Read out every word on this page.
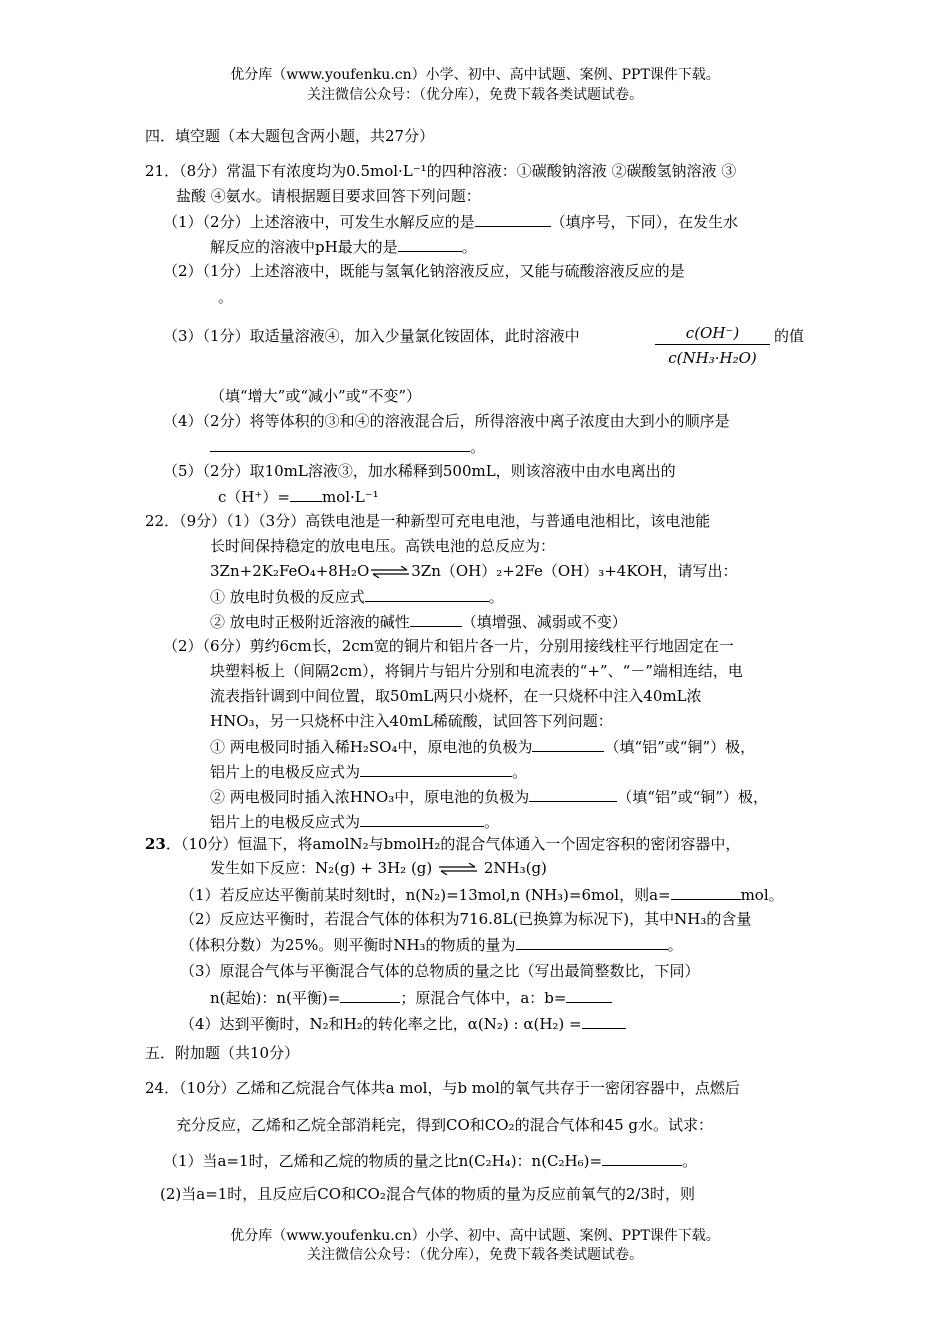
优分库（www.youfenku.cn）小学、初中、高中试题、案例、PPT课件下载。
关注微信公众号：（优分库），免费下载各类试题试卷。
四．填空题（本大题包含两小题，共27分）
21．（8分）常温下有浓度均为0.5mol·L⁻¹的四种溶液：①碳酸钠溶液 ②碳酸氢钠溶液 ③
盐酸 ④氨水。请根据题目要求回答下列问题：
（1）（2分）上述溶液中，可发生水解反应的是	（填序号，下同），在发生水
解反应的溶液中pH最大的是	。
（2）（1分）上述溶液中，既能与氢氧化钠溶液反应，又能与硫酸溶液反应的是
。
（3）（1分）取适量溶液④，加入少量氯化铵固体，此时溶液中	$\frac{c(OH^-)}{\text{c(NH₃·H₂O)}}$ 的值
（填“增大”或“减小”或“不变”）
（4）（2分）将等体积的③和④的溶液混合后，所得溶液中离子浓度由大到小的顺序是
。
（5）（2分）取10mL溶液③，加水稀释到500mL，则该溶液中由水电离出的
c（H⁺）= mol·L⁻¹
22．（9分）（1）（3分）高铁电池是一种新型可充电电池，与普通电池相比，该电池能
长时间保持稳定的放电电压。高铁电池的总反应为：
3Zn+2K₂FeO₄+8H₂O⇌3Zn（OH）₂+2Fe（OH）₃+4KOH，请写出：
① 放电时负极的反应式	。
② 放电时正极附近溶液的碱性	（填增强、减弱或不变）
（2）（6分）剪约6cm长，2cm宽的铜片和铝片各一片，分别用接线柱平行地固定在一
块塑料板上（间隔2cm），将铜片与铝片分别和电流表的“+”、“－”端相连结，电
流表指针调到中间位置，取50mL两只小烧杯，在一只烧杯中注入40mL浓
HNO₃，另一只烧杯中注入40mL稀硫酸，试回答下列问题：
① 两电极同时插入稀H₂SO₄中，原电池的负极为	（填“铝”或“铜”）极，
铝片上的电极反应式为	。
② 两电极同时插入浓HNO₃中，原电池的负极为	（填“铝”或“铜”）极，
铝片上的电极反应式为	。
23．（10分）恒温下，将amolN₂与bmolH₂的混合气体通入一个固定容积的密闭容器中，
发生如下反应：N₂(g) + 3H₂ (g) ⇌ 2NH₃(g)
（1）若反应达平衡前某时刻t时，n(N₂)=13mol,n (NH₃)=6mol，则a=	mol。
（2）反应达平衡时，若混合气体的体积为716.8L(已换算为标况下)，其中NH₃的含量
（体积分数）为25%。则平衡时NH₃的物质的量为	。
（3）原混合气体与平衡混合气体的总物质的量之比（写出最简整数比，下同）
n(起始)：n(平衡)=	；原混合气体中，a：b=
（4）达到平衡时，N₂和H₂的转化率之比，α(N₂) : α(H₂) =
五．附加题（共10分）
24．（10分）乙烯和乙烷混合气体共a mol，与b mol的氧气共存于一密闭容器中，点燃后
充分反应，乙烯和乙烷全部消耗完，得到CO和CO₂的混合气体和45 g水。试求：
（1）当a=1时，乙烯和乙烷的物质的量之比n(C₂H₄)：n(C₂H₆)=	。
(2)当a=1时，且反应后CO和CO₂混合气体的物质的量为反应前氧气的2/3时，则
优分库（www.youfenku.cn）小学、初中、高中试题、案例、PPT课件下载。
关注微信公众号：（优分库），免费下载各类试题试卷。
